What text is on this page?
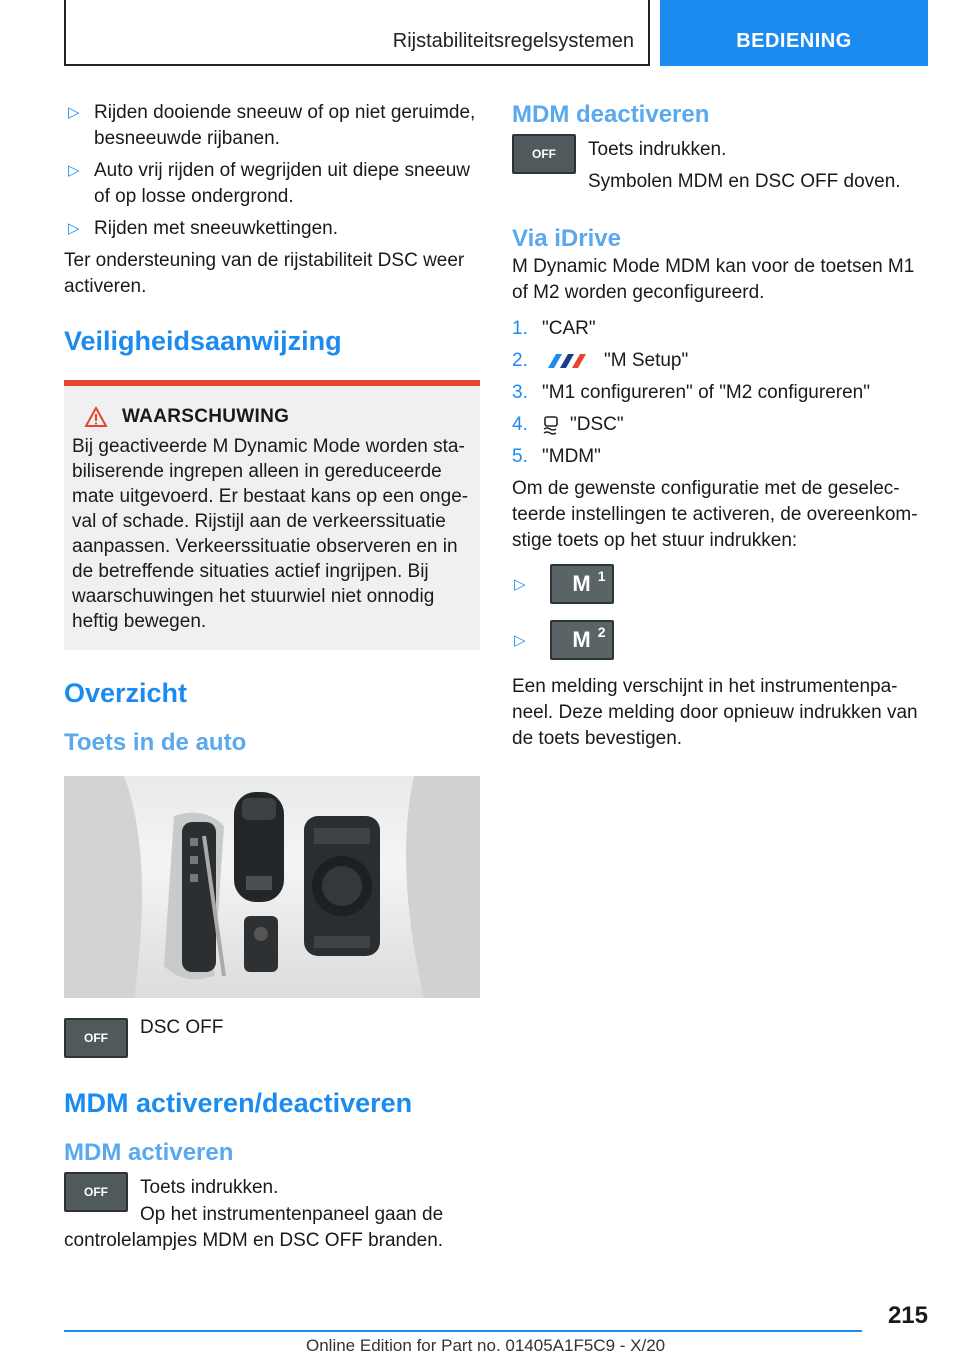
Rijstabiliteitsregelsystemen	BEDIENING
▷ Rijden dooiende sneeuw of op niet geruimde, besneeuwde rijbanen.
▷ Auto vrij rijden of wegrijden uit diepe sneeuw of op losse ondergrond.
▷ Rijden met sneeuwkettingen.

Ter ondersteuning van de rijstabiliteit DSC weer activeren.

Veiligheidsaanwijzing
WAARSCHUWING

Bij geactiveerde M Dynamic Mode worden stabiliserende ingrepen alleen in gereduceerde mate uitgevoerd. Er bestaat kans op een ongeval of schade. Rijstijl aan de verkeerssituatie aanpassen. Verkeerssituatie observeren en in de betreffende situaties actief ingrijpen. Bij waarschuwingen het stuurwiel niet onnodig heftig bewegen.

Overzicht
Toets in de auto
OFF DSC OFF

MDM activeren/deactiveren
MDM activeren
OFF Toets indrukken.

Op het instrumentenpaneel gaan de controlelampjes MDM en DSC OFF branden.

MDM deactiveren
OFF Toets indrukken.

Symbolen MDM en DSC OFF doven.

Via iDrive

M Dynamic Mode MDM kan voor de toetsen M1 of M2 worden geconfigureerd.

1. "CAR"
2.	"M Setup"
3. "M1 configureren" of "M2 configureren"
4. "DSC"
5. "MDM"

Om de gewenste configuratie met de geselecteerde instellingen te activeren, de overeenkomstige toets op het stuur indrukken:

▷ M $^1$
▷ M $^2$

Een melding verschijnt in het instrumentenpaneel. Deze melding door opnieuw indrukken van de toets bevestigen.

215
Online Edition for Part no. 01405A1F5C9 - X/20
